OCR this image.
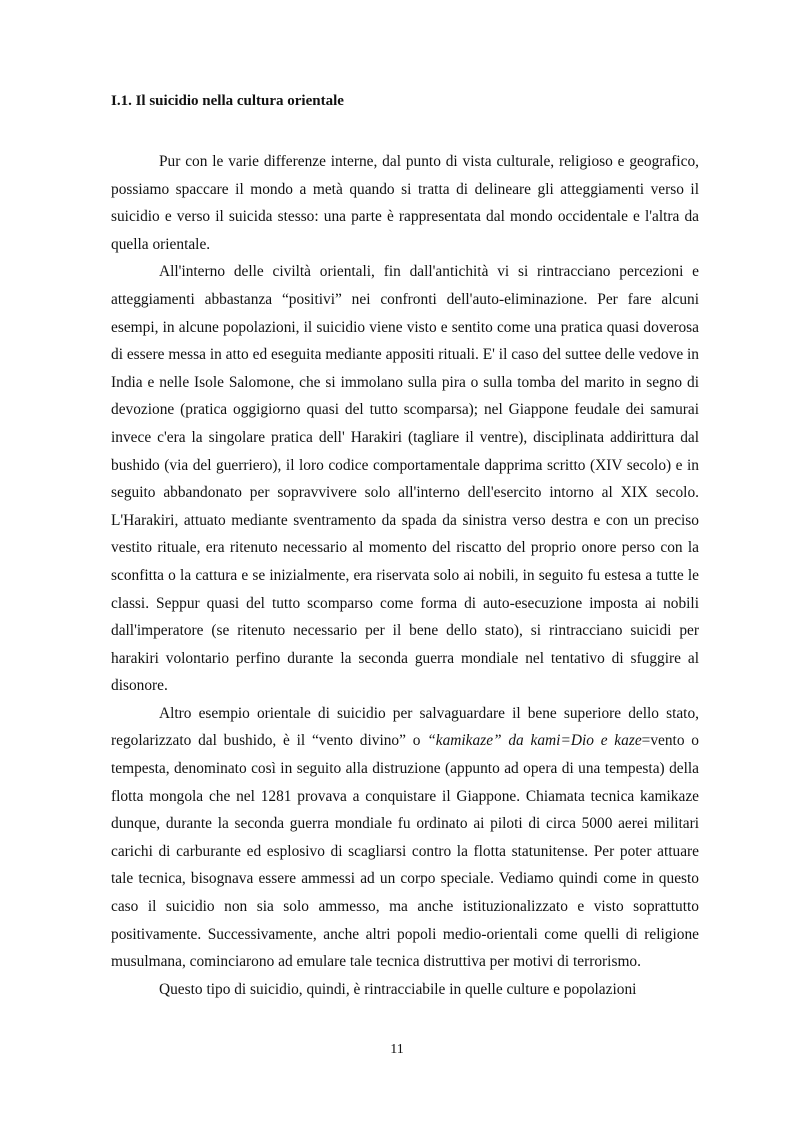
I.1. Il suicidio nella cultura orientale

Pur con le varie differenze interne, dal punto di vista culturale, religioso e geografico, possiamo spaccare il mondo a metà quando si tratta di delineare gli atteggiamenti verso il suicidio e verso il suicida stesso: una parte è rappresentata dal mondo occidentale e l'altra da quella orientale.

All'interno delle civiltà orientali, fin dall'antichità vi si rintracciano percezioni e atteggiamenti abbastanza “positivi” nei confronti dell'auto-eliminazione. Per fare alcuni esempi, in alcune popolazioni, il suicidio viene visto e sentito come una pratica quasi doverosa di essere messa in atto ed eseguita mediante appositi rituali. E' il caso del suttee delle vedove in India e nelle Isole Salomone, che si immolano sulla pira o sulla tomba del marito in segno di devozione (pratica oggigiorno quasi del tutto scomparsa); nel Giappone feudale dei samurai invece c'era la singolare pratica dell' Harakiri (tagliare il ventre), disciplinata addirittura dal bushido (via del guerriero), il loro codice comportamentale dapprima scritto (XIV secolo) e in seguito abbandonato per sopravvivere solo all'interno dell'esercito intorno al XIX secolo. L'Harakiri, attuato mediante sventramento da spada da sinistra verso destra e con un preciso vestito rituale, era ritenuto necessario al momento del riscatto del proprio onore perso con la sconfitta o la cattura e se inizialmente, era riservata solo ai nobili, in seguito fu estesa a tutte le classi. Seppur quasi del tutto scomparso come forma di auto-esecuzione imposta ai nobili dall'imperatore (se ritenuto necessario per il bene dello stato), si rintracciano suicidi per harakiri volontario perfino durante la seconda guerra mondiale nel tentativo di sfuggire al disonore.

Altro esempio orientale di suicidio per salvaguardare il bene superiore dello stato, regolarizzato dal bushido, è il “vento divino” o “kamikaze” da kami=Dio e kaze=vento o tempesta, denominato così in seguito alla distruzione (appunto ad opera di una tempesta) della flotta mongola che nel 1281 provava a conquistare il Giappone. Chiamata tecnica kamikaze dunque, durante la seconda guerra mondiale fu ordinato ai piloti di circa 5000 aerei militari carichi di carburante ed esplosivo di scagliarsi contro la flotta statunitense. Per poter attuare tale tecnica, bisognava essere ammessi ad un corpo speciale. Vediamo quindi come in questo caso il suicidio non sia solo ammesso, ma anche istituzionalizzato e visto soprattutto positivamente. Successivamente, anche altri popoli medio-orientali come quelli di religione musulmana, cominciarono ad emulare tale tecnica distruttiva per motivi di terrorismo.

Questo tipo di suicidio, quindi, è rintracciabile in quelle culture e popolazioni

11
